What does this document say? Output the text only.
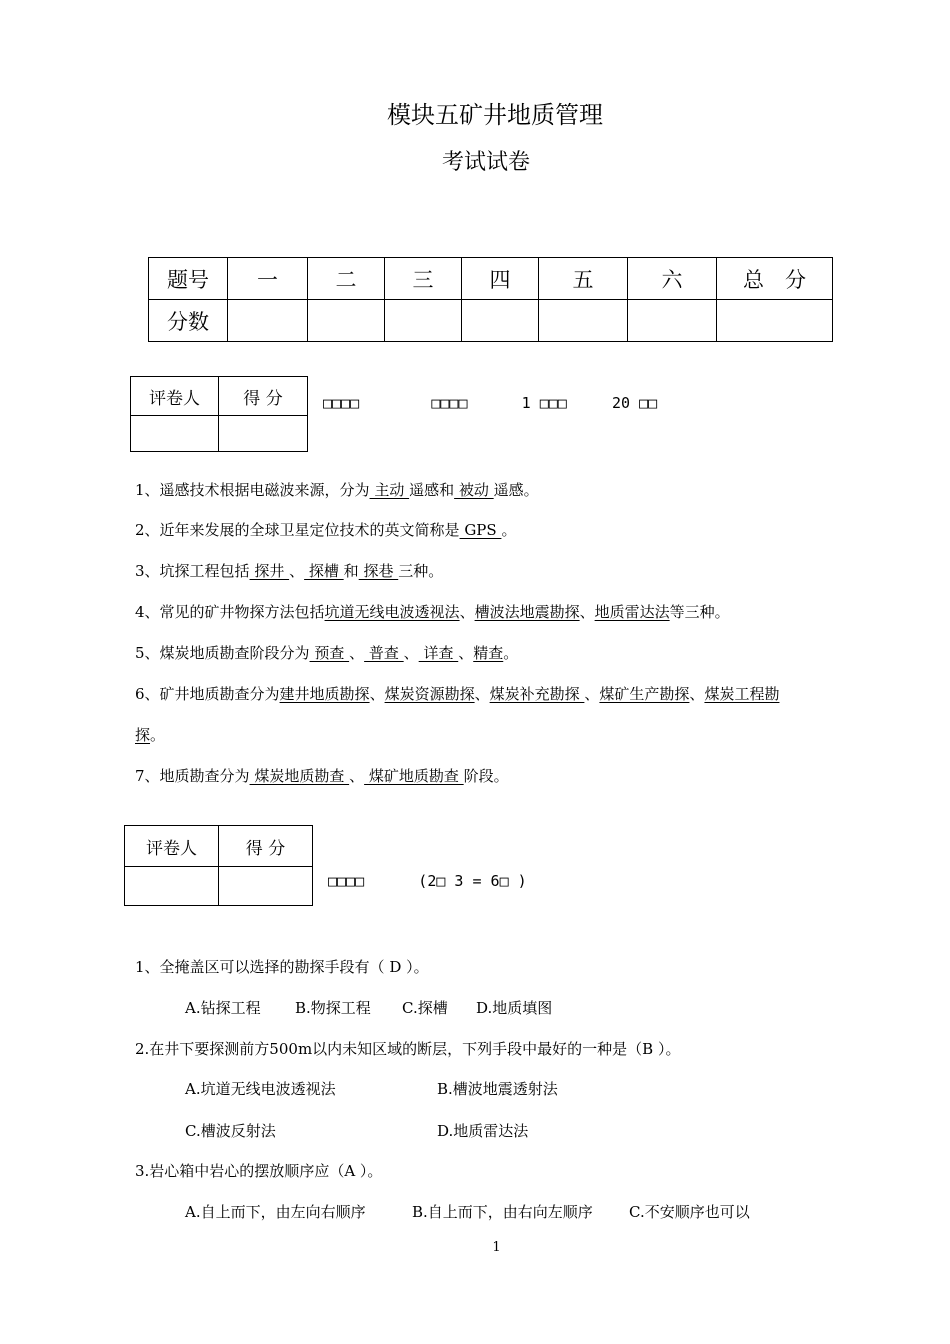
模块五矿井地质管理
考试试卷
题号	一	二	三	四	五	六	总　分
分数							
评卷人	得 分
		□□□□        □□□□      1 □□□     20 □□
1、遥感技术根据电磁波来源，分为 主动 遥感和 被动 遥感。
2、近年来发展的全球卫星定位技术的英文简称是 GPS 。
3、坑探工程包括 探井 、 探槽 和 探巷 三种。
4、常见的矿井物探方法包括坑道无线电波透视法、槽波法地震勘探、地质雷达法等三种。
5、煤炭地质勘查阶段分为 预查 、 普查 、 详查 、精查。
6、矿井地质勘查分为建井地质勘探、煤炭资源勘探、煤炭补充勘探 、煤矿生产勘探、煤炭工程勘
探。
7、地质勘查分为 煤炭地质勘查 、 煤矿地质勘查 阶段。
评卷人	得 分

□□□□      (2□ 3 = 6□ )
1、全掩盖区可以选择的勘探手段有（ D ）。
A.钻探工程 B.物探工程 C.探槽 D.地质填图
2.在井下要探测前方500m以内未知区域的断层，下列手段中最好的一种是（B ）。
A.坑道无线电波透视法	B.槽波地震透射法
C.槽波反射法	D.地质雷达法
3.岩心箱中岩心的摆放顺序应（A ）。
A.自上而下，由左向右顺序	B.自上而下，由右向左顺序 C.不安顺序也可以
1
